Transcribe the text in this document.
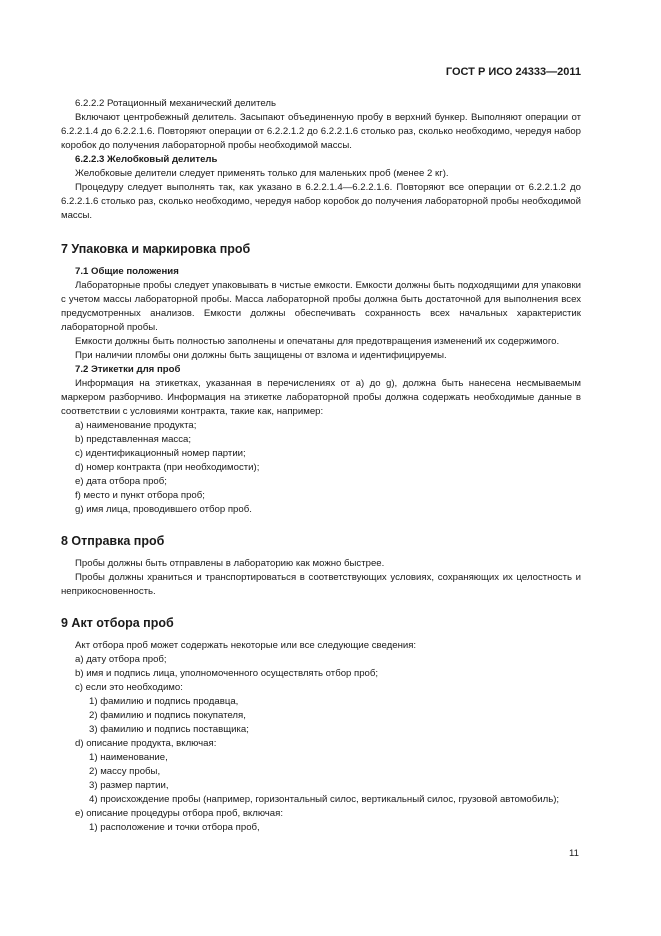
ГОСТ Р ИСО 24333—2011

6.2.2.2 Ротационный механический делитель

Включают центробежный делитель. Засыпают объединенную пробу в верхний бункер. Выполняют операции от 6.2.2.1.4 до 6.2.2.1.6. Повторяют операции от 6.2.2.1.2 до 6.2.2.1.6 столько раз, сколько необходимо, чередуя набор коробок до получения лабораторной пробы необходимой массы.

6.2.2.3 Желобковый делитель

Желобковые делители следует применять только для маленьких проб (менее 2 кг).

Процедуру следует выполнять так, как указано в 6.2.2.1.4—6.2.2.1.6. Повторяют все операции от 6.2.2.1.2 до 6.2.2.1.6 столько раз, сколько необходимо, чередуя набор коробок до получения лабораторной пробы необходимой массы.

7 Упаковка и маркировка проб

7.1 Общие положения

Лабораторные пробы следует упаковывать в чистые емкости. Емкости должны быть подходящими для упаковки с учетом массы лабораторной пробы. Масса лабораторной пробы должна быть достаточной для выполнения всех предусмотренных анализов. Емкости должны обеспечивать сохранность всех начальных характеристик лабораторной пробы.

Емкости должны быть полностью заполнены и опечатаны для предотвращения изменений их содержимого.

При наличии пломбы они должны быть защищены от взлома и идентифицируемы.

7.2 Этикетки для проб

Информация на этикетках, указанная в перечислениях от а) до g), должна быть нанесена несмываемым маркером разборчиво. Информация на этикетке лабораторной пробы должна содержать необходимые данные в соответствии с условиями контракта, такие как, например:

a) наименование продукта;

b) представленная масса;

c) идентификационный номер партии;

d) номер контракта (при необходимости);

e) дата отбора проб;

f) место и пункт отбора проб;

g) имя лица, проводившего отбор проб.

8 Отправка проб

Пробы должны быть отправлены в лабораторию как можно быстрее.

Пробы должны храниться и транспортироваться в соответствующих условиях, сохраняющих их целостность и неприкосновенность.

9 Акт отбора проб

Акт отбора проб может содержать некоторые или все следующие сведения:

a) дату отбора проб;

b) имя и подпись лица, уполномоченного осуществлять отбор проб;

c) если это необходимо:

1) фамилию и подпись продавца,

2) фамилию и подпись покупателя,

3) фамилию и подпись поставщика;

d) описание продукта, включая:

1) наименование,

2) массу пробы,

3) размер партии,

4) происхождение пробы (например, горизонтальный силос, вертикальный силос, грузовой автомобиль);

e) описание процедуры отбора проб, включая:

1) расположение и точки отбора проб,

11
